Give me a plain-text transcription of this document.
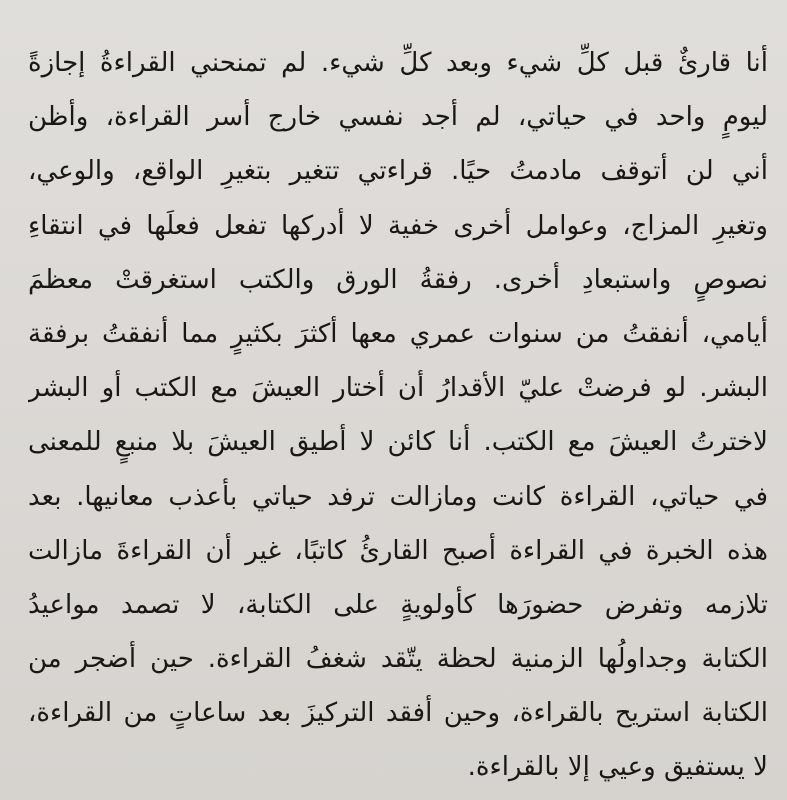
أنا قارئٌ قبل كلِّ شيء وبعد كلِّ شيء. لم تمنحني القراءةُ إجازةً
ليومٍ واحد في حياتي، لم أجد نفسي خارج أسر القراءة، وأظن
أني لن أتوقف مادمتُ حيًا. قراءتي تتغير بتغيرِ الواقع، والوعي،
وتغيرِ المزاج، وعوامل أخرى خفية لا أدركها تفعل فعلَها في انتقاءِ
نصوصٍ واستبعادِ أخرى. رفقةُ الورق والكتب استغرقتْ معظمَ
أيامي، أنفقتُ من سنوات عمري معها أكثرَ بكثيرٍ مما أنفقتُ برفقة
البشر. لو فرضتْ عليّ الأقدارُ أن أختار العيشَ مع الكتب أو البشر
لاخترتُ العيشَ مع الكتب. أنا كائن لا أطيق العيشَ بلا منبعٍ للمعنى
في حياتي، القراءة كانت ومازالت ترفد حياتي بأعذب معانيها. بعد
هذه الخبرة في القراءة أصبح القارئُ كاتبًا، غير أن القراءةَ مازالت
تلازمه وتفرض حضورَها كأولويةٍ على الكتابة، لا تصمد مواعيدُ
الكتابة وجداولُها الزمنية لحظة يتّقد شغفُ القراءة. حين أضجر من
الكتابة استريح بالقراءة، وحين أفقد التركيزَ بعد ساعاتٍ من القراءة،
لا يستفيق وعيي إلا بالقراءة.
